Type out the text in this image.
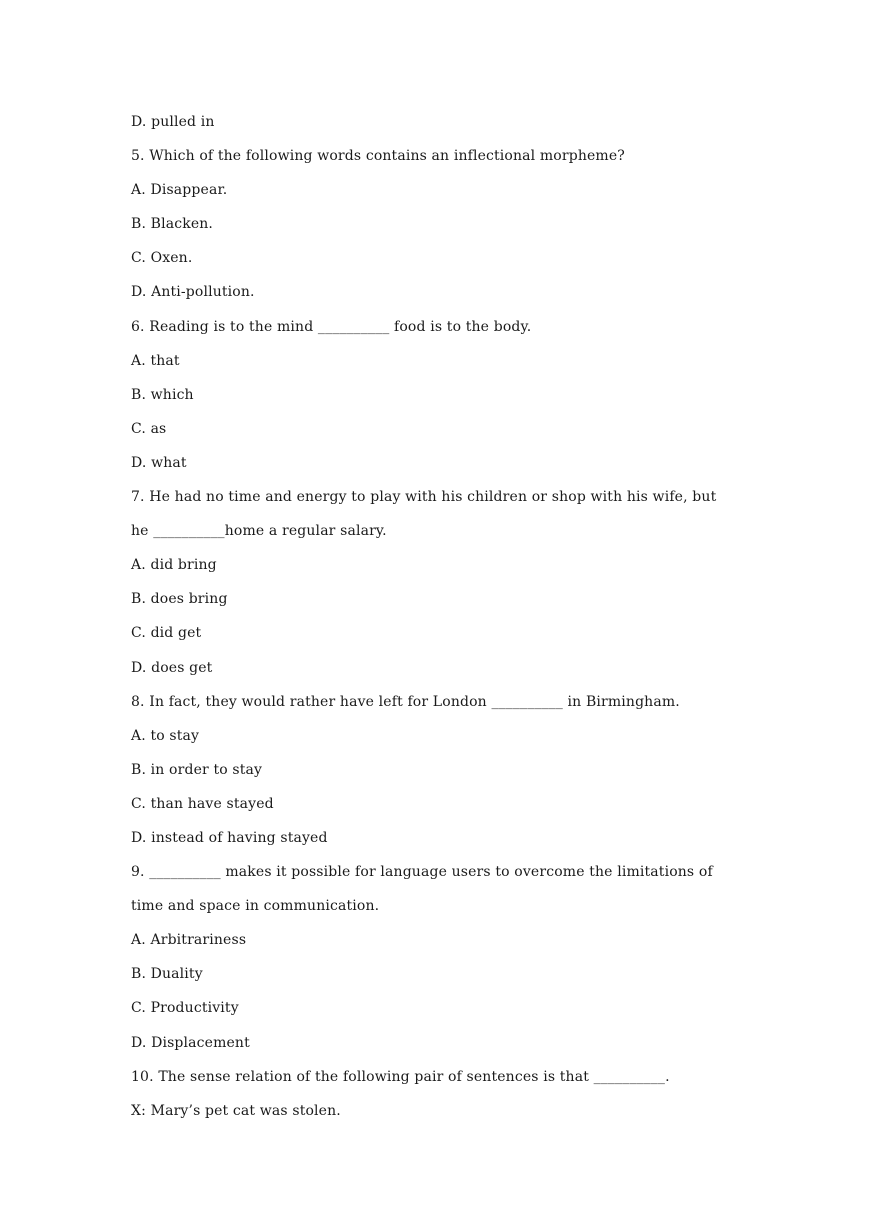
D. pulled in
5. Which of the following words contains an inflectional morpheme?
A. Disappear.
B. Blacken.
C. Oxen.
D. Anti-pollution.
6. Reading is to the mind __________ food is to the body.
A. that
B. which
C. as
D. what
7. He had no time and energy to play with his children or shop with his wife, but
he __________home a regular salary.
A. did bring
B. does bring
C. did get
D. does get
8. In fact, they would rather have left for London __________ in Birmingham.
A. to stay
B. in order to stay
C. than have stayed
D. instead of having stayed
9. __________ makes it possible for language users to overcome the limitations of
time and space in communication.
A. Arbitrariness
B. Duality
C. Productivity
D. Displacement
10. The sense relation of the following pair of sentences is that __________.
X: Mary’s pet cat was stolen.
